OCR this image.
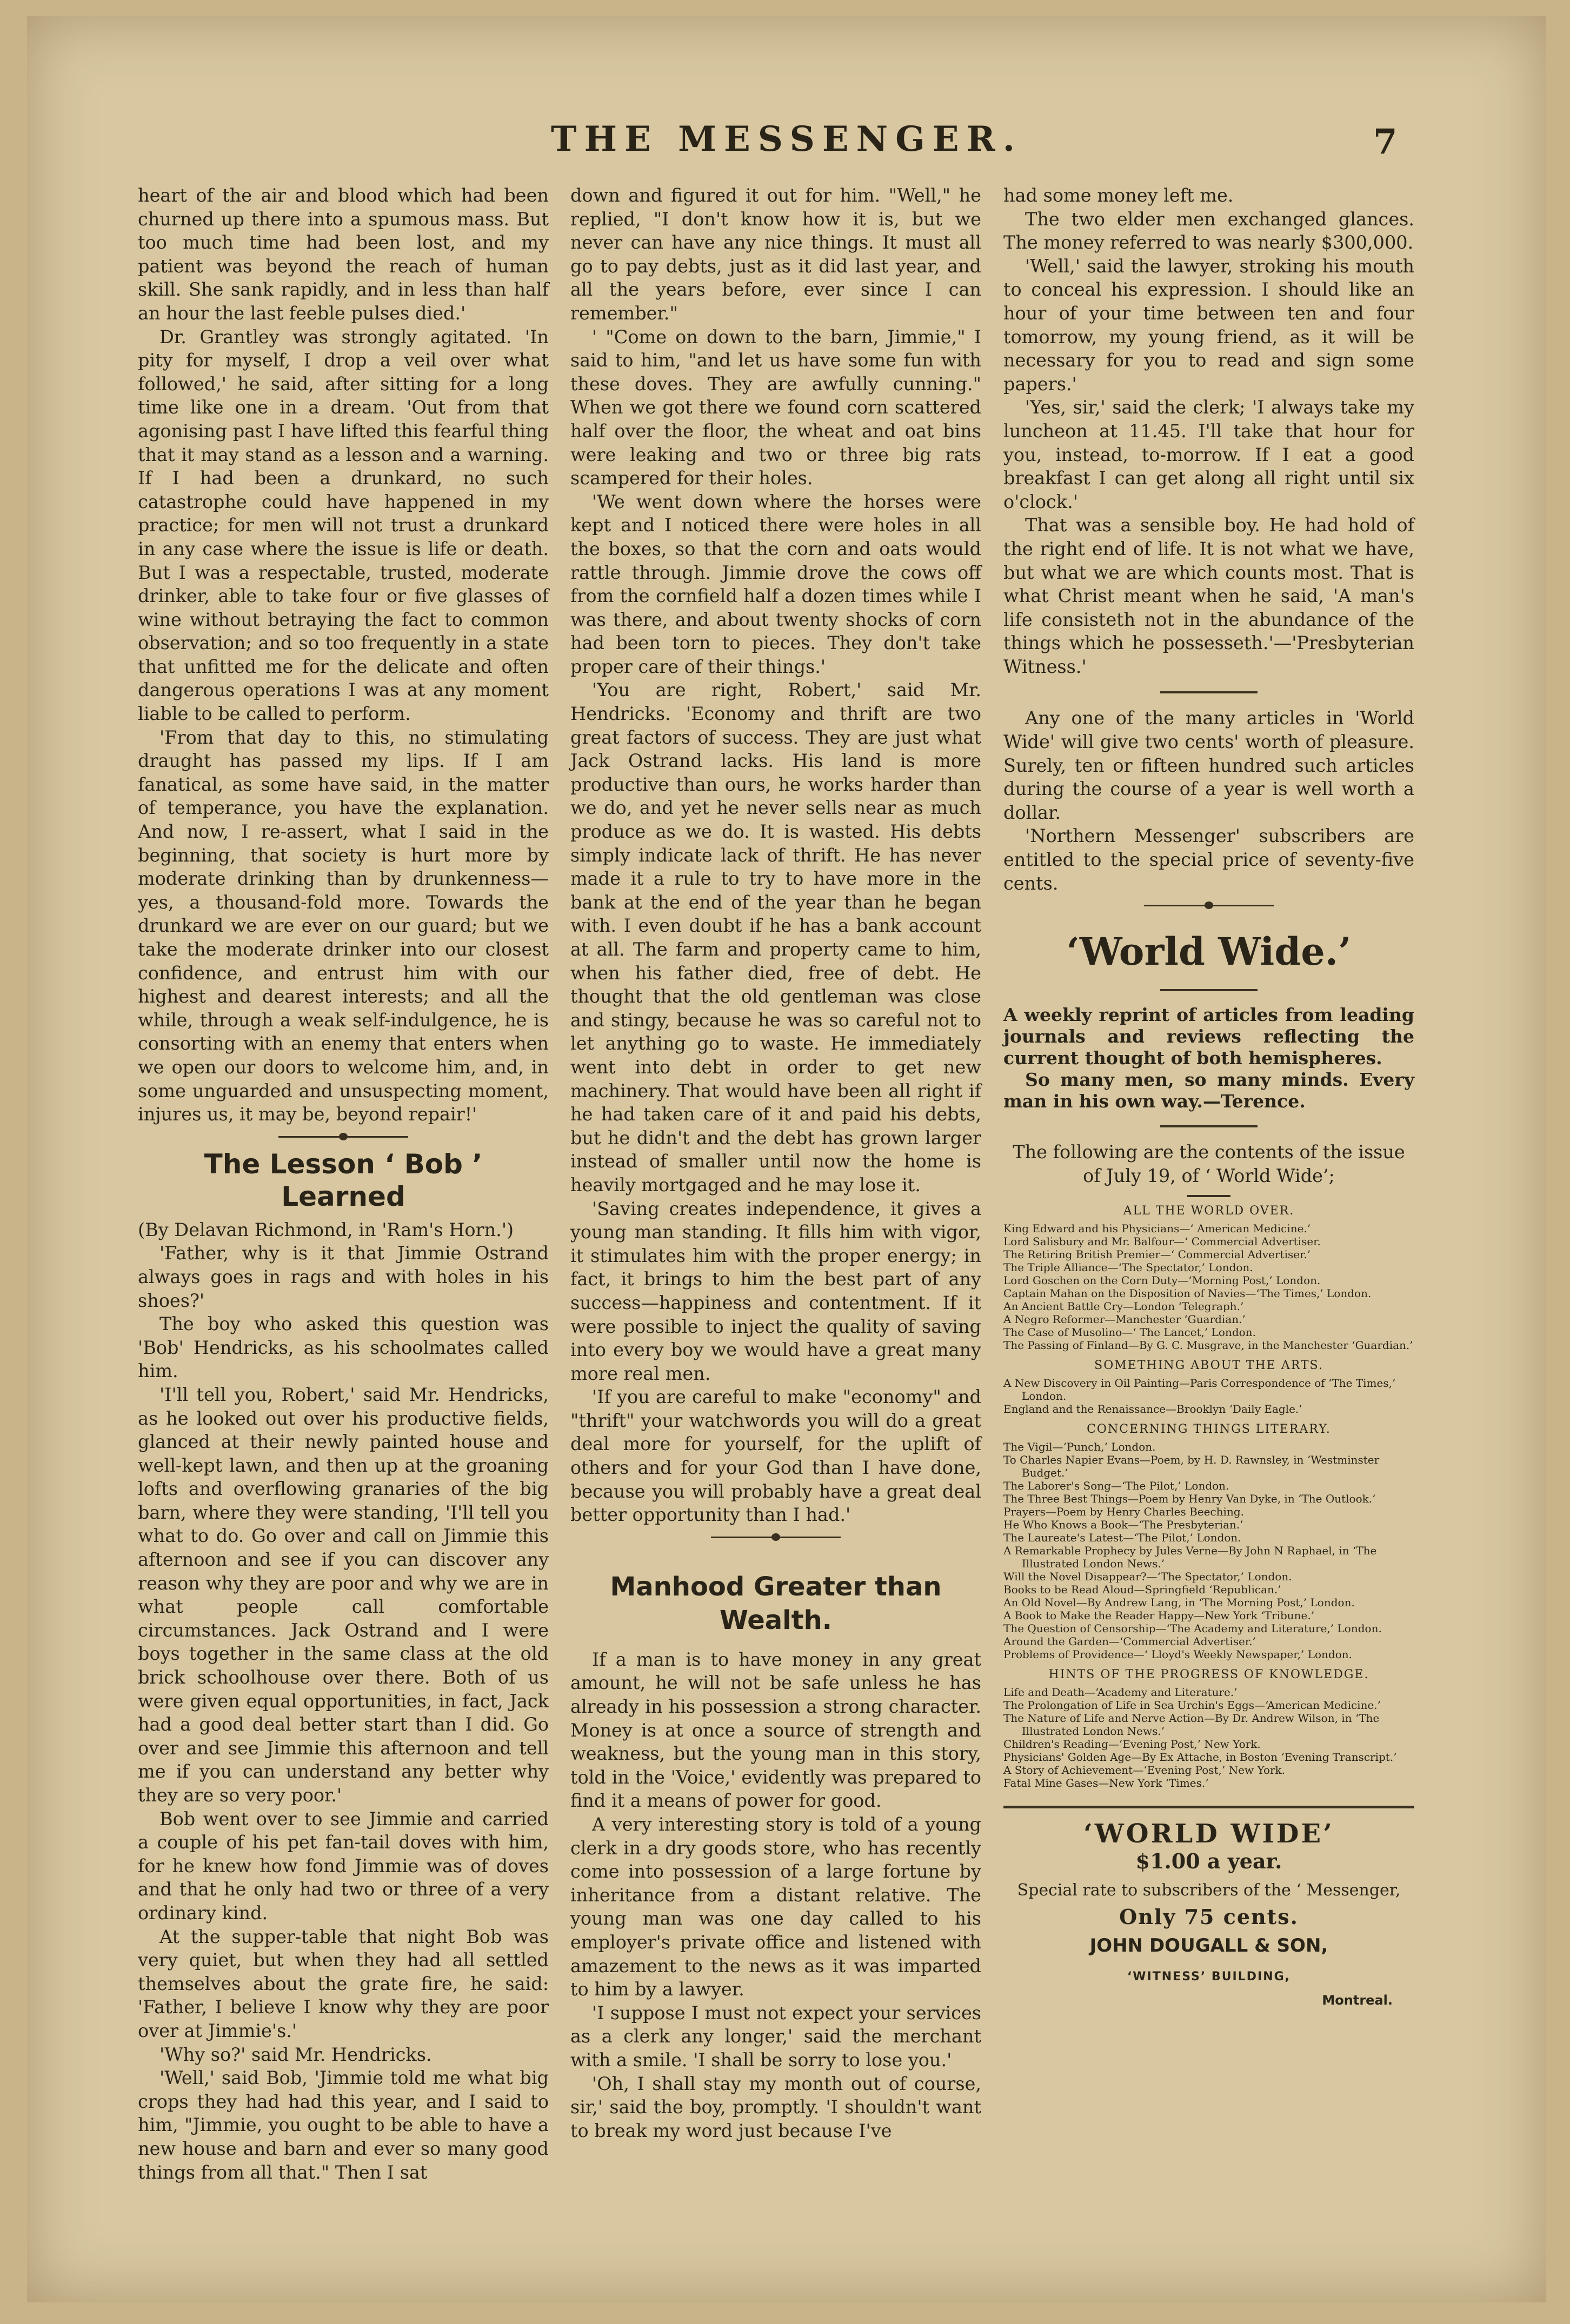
THE MESSENGER.	7

heart of the air and blood which had been churned up there into a spumous mass. But too much time had been lost, and my patient was beyond the reach of human skill. She sank rapidly, and in less than half an hour the last feeble pulses died.'

Dr. Grantley was strongly agitated. 'In pity for myself, I drop a veil over what followed,' he said, after sitting for a long time like one in a dream. 'Out from that agonising past I have lifted this fearful thing that it may stand as a lesson and a warning. If I had been a drunkard, no such catastrophe could have happened in my practice; for men will not trust a drunkard in any case where the issue is life or death. But I was a respectable, trusted, moderate drinker, able to take four or five glasses of wine without betraying the fact to common observation; and so too frequently in a state that unfitted me for the delicate and often dangerous operations I was at any moment liable to be called to perform.

'From that day to this, no stimulating draught has passed my lips. If I am fanatical, as some have said, in the matter of temperance, you have the explanation. And now, I re-assert, what I said in the beginning, that society is hurt more by moderate drinking than by drunkenness—yes, a thousand-fold more. Towards the drunkard we are ever on our guard; but we take the moderate drinker into our closest confidence, and entrust him with our highest and dearest interests; and all the while, through a weak self-indulgence, he is consorting with an enemy that enters when we open our doors to welcome him, and, in some unguarded and unsuspecting moment, injures us, it may be, beyond repair!'

The Lesson ‘ Bob ’ Learned

(By Delavan Richmond, in 'Ram's Horn.')

'Father, why is it that Jimmie Ostrand always goes in rags and with holes in his shoes?'

The boy who asked this question was 'Bob' Hendricks, as his schoolmates called him.

'I'll tell you, Robert,' said Mr. Hendricks, as he looked out over his productive fields, glanced at their newly painted house and well-kept lawn, and then up at the groaning lofts and overflowing granaries of the big barn, where they were standing, 'I'll tell you what to do. Go over and call on Jimmie this afternoon and see if you can discover any reason why they are poor and why we are in what people call comfortable circumstances. Jack Ostrand and I were boys together in the same class at the old brick schoolhouse over there. Both of us were given equal opportunities, in fact, Jack had a good deal better start than I did. Go over and see Jimmie this afternoon and tell me if you can understand any better why they are so very poor.'

Bob went over to see Jimmie and carried a couple of his pet fan-tail doves with him, for he knew how fond Jimmie was of doves and that he only had two or three of a very ordinary kind.

At the supper-table that night Bob was very quiet, but when they had all settled themselves about the grate fire, he said: 'Father, I believe I know why they are poor over at Jimmie's.'

'Why so?' said Mr. Hendricks.

'Well,' said Bob, 'Jimmie told me what big crops they had had this year, and I said to him, "Jimmie, you ought to be able to have a new house and barn and ever so many good things from all that." Then I sat

down and figured it out for him. "Well," he replied, "I don't know how it is, but we never can have any nice things. It must all go to pay debts, just as it did last year, and all the years before, ever since I can remember."

' "Come on down to the barn, Jimmie," I said to him, "and let us have some fun with these doves. They are awfully cunning." When we got there we found corn scattered half over the floor, the wheat and oat bins were leaking and two or three big rats scampered for their holes.

'We went down where the horses were kept and I noticed there were holes in all the boxes, so that the corn and oats would rattle through. Jimmie drove the cows off from the cornfield half a dozen times while I was there, and about twenty shocks of corn had been torn to pieces. They don't take proper care of their things.'

'You are right, Robert,' said Mr. Hendricks. 'Economy and thrift are two great factors of success. They are just what Jack Ostrand lacks. His land is more productive than ours, he works harder than we do, and yet he never sells near as much produce as we do. It is wasted. His debts simply indicate lack of thrift. He has never made it a rule to try to have more in the bank at the end of the year than he began with. I even doubt if he has a bank account at all. The farm and property came to him, when his father died, free of debt. He thought that the old gentleman was close and stingy, because he was so careful not to let anything go to waste. He immediately went into debt in order to get new machinery. That would have been all right if he had taken care of it and paid his debts, but he didn't and the debt has grown larger instead of smaller until now the home is heavily mortgaged and he may lose it.

'Saving creates independence, it gives a young man standing. It fills him with vigor, it stimulates him with the proper energy; in fact, it brings to him the best part of any success—happiness and contentment. If it were possible to inject the quality of saving into every boy we would have a great many more real men.

'If you are careful to make "economy" and "thrift" your watchwords you will do a great deal more for yourself, for the uplift of others and for your God than I have done, because you will probably have a great deal better opportunity than I had.'

Manhood Greater than Wealth.

If a man is to have money in any great amount, he will not be safe unless he has already in his possession a strong character. Money is at once a source of strength and weakness, but the young man in this story, told in the 'Voice,' evidently was prepared to find it a means of power for good.

A very interesting story is told of a young clerk in a dry goods store, who has recently come into possession of a large fortune by inheritance from a distant relative. The young man was one day called to his employer's private office and listened with amazement to the news as it was imparted to him by a lawyer.

'I suppose I must not expect your services as a clerk any longer,' said the merchant with a smile. 'I shall be sorry to lose you.'

'Oh, I shall stay my month out of course, sir,' said the boy, promptly. 'I shouldn't want to break my word just because I've

had some money left me.

The two elder men exchanged glances. The money referred to was nearly $300,000.

'Well,' said the lawyer, stroking his mouth to conceal his expression. I should like an hour of your time between ten and four tomorrow, my young friend, as it will be necessary for you to read and sign some papers.'

'Yes, sir,' said the clerk; 'I always take my luncheon at 11.45. I'll take that hour for you, instead, to-morrow. If I eat a good breakfast I can get along all right until six o'clock.'

That was a sensible boy. He had hold of the right end of life. It is not what we have, but what we are which counts most. That is what Christ meant when he said, 'A man's life consisteth not in the abundance of the things which he possesseth.'—'Presbyterian Witness.'

Any one of the many articles in 'World Wide' will give two cents' worth of pleasure. Surely, ten or fifteen hundred such articles during the course of a year is well worth a dollar.

'Northern Messenger' subscribers are entitled to the special price of seventy-five cents.

‘World Wide.’

A weekly reprint of articles from leading journals and reviews reflecting the current thought of both hemispheres.

So many men, so many minds. Every man in his own way.—Terence.

The following are the contents of the issue of July 19, of ‘ World Wide’;

ALL THE WORLD OVER.
King Edward and his Physicians—‘ American Medicine.’
Lord Salisbury and Mr. Balfour—‘ Commercial Advertiser.
The Retiring British Premier—‘ Commercial Advertiser.’
The Triple Alliance—‘The Spectator,’ London.
Lord Goschen on the Corn Duty—‘Morning Post,’ London.
Captain Mahan on the Disposition of Navies—‘The Times,’ London.
An Ancient Battle Cry—London ‘Telegraph.’
A Negro Reformer—Manchester ‘Guardian.’
The Case of Musolino—‘ The Lancet,’ London.
The Passing of Finland—By G. C. Musgrave, in the Manchester ‘Guardian.’
SOMETHING ABOUT THE ARTS.
A New Discovery in Oil Painting—Paris Correspondence of ‘The Times,’ London.
England and the Renaissance—Brooklyn ‘Daily Eagle.’
CONCERNING THINGS LITERARY.
The Vigil—‘Punch,’ London.
To Charles Napier Evans—Poem, by H. D. Rawnsley, in ‘Westminster Budget.’
The Laborer's Song—‘The Pilot,’ London.
The Three Best Things—Poem by Henry Van Dyke, in ‘The Outlook.’
Prayers—Poem by Henry Charles Beeching.
He Who Knows a Book—‘The Presbyterian.’
The Laureate's Latest—‘The Pilot,’ London.
A Remarkable Prophecy by Jules Verne—By John N Raphael, in ‘The Illustrated London News.’
Will the Novel Disappear?—‘The Spectator,’ London.
Books to be Read Aloud—Springfield ‘Republican.’
An Old Novel—By Andrew Lang, in ‘The Morning Post,’ London.
A Book to Make the Reader Happy—New York ‘Tribune.’
The Question of Censorship—‘The Academy and Literature,’ London.
Around the Garden—‘Commercial Advertiser.’
Problems of Providence—‘ Lloyd's Weekly Newspaper,’ London.
HINTS OF THE PROGRESS OF KNOWLEDGE.
Life and Death—‘Academy and Literature.’
The Prolongation of Life in Sea Urchin's Eggs—‘American Medicine.’
The Nature of Life and Nerve Action—By Dr. Andrew Wilson, in ‘The Illustrated London News.’
Children's Reading—‘Evening Post,’ New York.
Physicians' Golden Age—By Ex Attache, in Boston ‘Evening Transcript.’
A Story of Achievement—‘Evening Post,’ New York.
Fatal Mine Gases—New York ‘Times.’
‘WORLD WIDE’
$1.00 a year.
Special rate to subscribers of the ‘ Messenger,
Only 75 cents.
JOHN DOUGALL & SON,
‘WITNESS’ BUILDING,
Montreal.
